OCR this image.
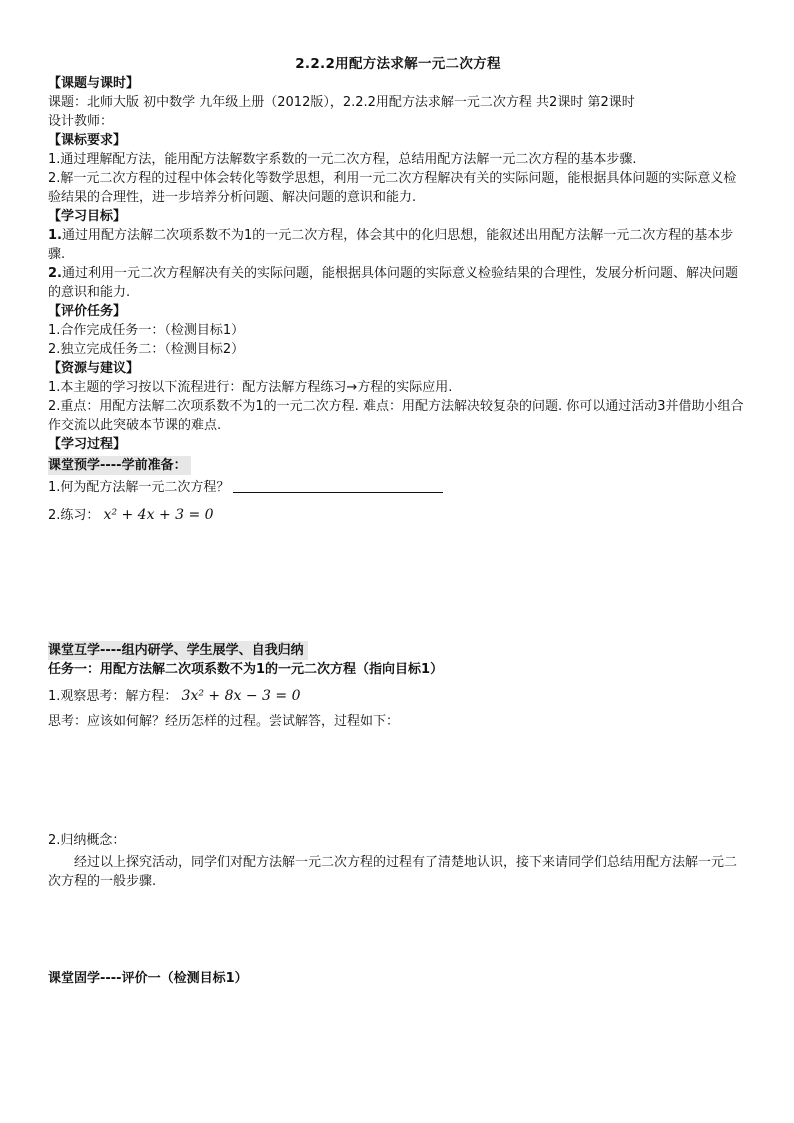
2.2.2用配方法求解一元二次方程

【课题与课时】

课题：北师大版 初中数学 九年级上册（2012版），2.2.2用配方法求解一元二次方程 共2课时 第2课时

设计教师：

【课标要求】

1.通过理解配方法，能用配方法解数字系数的一元二次方程，总结用配方法解一元二次方程的基本步骤.

2.解一元二次方程的过程中体会转化等数学思想，利用一元二次方程解决有关的实际问题，能根据具体问题的实际意义检验结果的合理性，进一步培养分析问题、解决问题的意识和能力.

【学习目标】

1.通过用配方法解二次项系数不为1的一元二次方程，体会其中的化归思想，能叙述出用配方法解一元二次方程的基本步骤.

2.通过利用一元二次方程解决有关的实际问题，能根据具体问题的实际意义检验结果的合理性，发展分析问题、解决问题的意识和能力.

【评价任务】

1.合作完成任务一：（检测目标1）

2.独立完成任务二：（检测目标2）

【资源与建议】

1.本主题的学习按以下流程进行：配方法解方程练习→方程的实际应用.

2.重点：用配方法解二次项系数不为1的一元二次方程. 难点：用配方法解决较复杂的问题. 你可以通过活动3并借助小组合作交流以此突破本节课的难点.

【学习过程】

课堂预学----学前准备：

1.何为配方法解一元二次方程？

2.练习： x² + 4x + 3 = 0

课堂互学----组内研学、学生展学、自我归纳

任务一：用配方法解二次项系数不为1的一元二次方程（指向目标1）

1.观察思考：解方程： 3x² + 8x − 3 = 0

思考：应该如何解？经历怎样的过程。尝试解答，过程如下：

2.归纳概念：

经过以上探究活动，同学们对配方法解一元二次方程的过程有了清楚地认识，接下来请同学们总结用配方法解一元二次方程的一般步骤.

课堂固学----评价一（检测目标1）
